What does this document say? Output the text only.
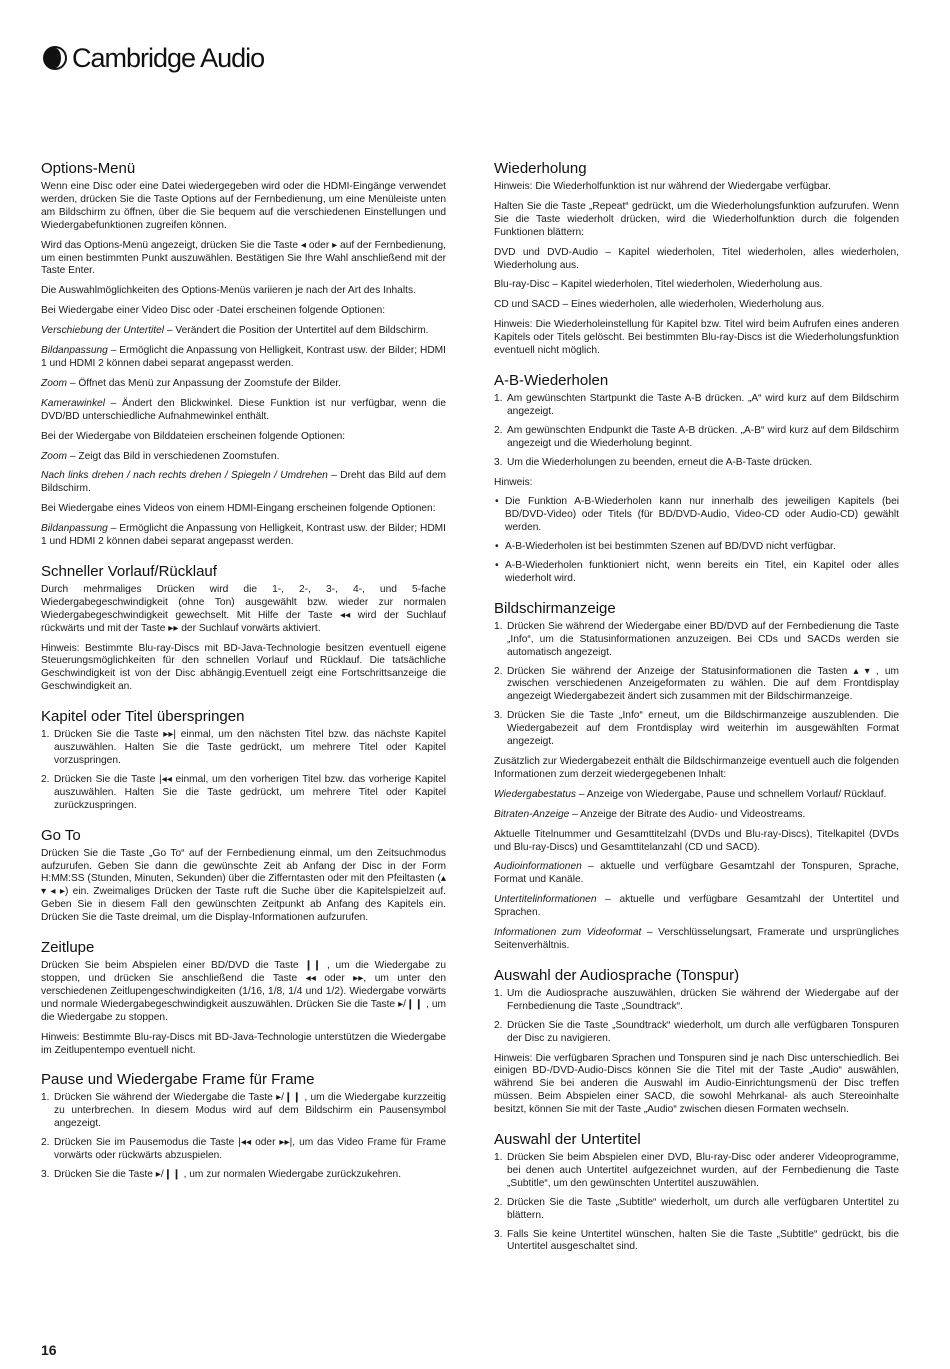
Cambridge Audio
Options-Menü

Wenn eine Disc oder eine Datei wiedergegeben wird oder die HDMI-Eingänge verwendet werden, drücken Sie die Taste Options auf der Fernbedienung, um eine Menüleiste unten am Bildschirm zu öffnen, über die Sie bequem auf die verschiedenen Einstellungen und Wiedergabefunktionen zugreifen können.

Wird das Options-Menü angezeigt, drücken Sie die Taste ◂ oder ▸ auf der Fernbedienung, um einen bestimmten Punkt auszuwählen. Bestätigen Sie Ihre Wahl anschließend mit der Taste Enter.

Die Auswahlmöglichkeiten des Options-Menüs variieren je nach der Art des Inhalts.

Bei Wiedergabe einer Video Disc oder -Datei erscheinen folgende Optionen:

Verschiebung der Untertitel – Verändert die Position der Untertitel auf dem Bildschirm.

Bildanpassung – Ermöglicht die Anpassung von Helligkeit, Kontrast usw. der Bilder; HDMI 1 und HDMI 2 können dabei separat angepasst werden.

Zoom – Öffnet das Menü zur Anpassung der Zoomstufe der Bilder.

Kamerawinkel – Ändert den Blickwinkel. Diese Funktion ist nur verfügbar, wenn die DVD/BD unterschiedliche Aufnahmewinkel enthält.

Bei der Wiedergabe von Bilddateien erscheinen folgende Optionen:

Zoom – Zeigt das Bild in verschiedenen Zoomstufen.

Nach links drehen / nach rechts drehen / Spiegeln / Umdrehen – Dreht das Bild auf dem Bildschirm.

Bei Wiedergabe eines Videos von einem HDMI-Eingang erscheinen folgende Optionen:

Bildanpassung – Ermöglicht die Anpassung von Helligkeit, Kontrast usw. der Bilder; HDMI 1 und HDMI 2 können dabei separat angepasst werden.

Schneller Vorlauf/Rücklauf

Durch mehrmaliges Drücken wird die 1-, 2-, 3-, 4-, und 5-fache Wiedergabegeschwindigkeit (ohne Ton) ausgewählt bzw. wieder zur normalen Wiedergabegeschwindigkeit gewechselt. Mit Hilfe der Taste ◂◂ wird der Suchlauf rückwärts und mit der Taste ▸▸ der Suchlauf vorwärts aktiviert.

Hinweis: Bestimmte Blu-ray-Discs mit BD-Java-Technologie besitzen eventuell eigene Steuerungsmöglichkeiten für den schnellen Vorlauf und Rücklauf. Die tatsächliche Geschwindigkeit ist von der Disc abhängig.Eventuell zeigt eine Fortschrittsanzeige die Geschwindigkeit an.

Kapitel oder Titel überspringen
1. Drücken Sie die Taste ▸▸| einmal, um den nächsten Titel bzw. das nächste Kapitel auszuwählen. Halten Sie die Taste gedrückt, um mehrere Titel oder Kapitel vorzuspringen.
2. Drücken Sie die Taste |◂◂ einmal, um den vorherigen Titel bzw. das vorherige Kapitel auszuwählen. Halten Sie die Taste gedrückt, um mehrere Titel oder Kapitel zurückzuspringen.
Go To

Drücken Sie die Taste „Go To“ auf der Fernbedienung einmal, um den Zeitsuchmodus aufzurufen. Geben Sie dann die gewünschte Zeit ab Anfang der Disc in der Form H:MM:SS (Stunden, Minuten, Sekunden) über die Zifferntasten oder mit den Pfeiltasten (▴ ▾ ◂ ▸) ein. Zweimaliges Drücken der Taste ruft die Suche über die Kapitelspielzeit auf. Geben Sie in diesem Fall den gewünschten Zeitpunkt ab Anfang des Kapitels ein. Drücken Sie die Taste dreimal, um die Display-Informationen aufzurufen.

Zeitlupe

Drücken Sie beim Abspielen einer BD/DVD die Taste ❙❙ , um die Wiedergabe zu stoppen, und drücken Sie anschließend die Taste ◂◂ oder ▸▸, um unter den verschiedenen Zeitlupengeschwindigkeiten (1/16, 1/8, 1/4 und 1/2). Wiedergabe vorwärts und normale Wiedergabegeschwindigkeit auszuwählen. Drücken Sie die Taste ▸/❙❙ , um die Wiedergabe zu stoppen.

Hinweis: Bestimmte Blu-ray-Discs mit BD-Java-Technologie unterstützen die Wiedergabe im Zeitlupentempo eventuell nicht.

Pause und Wiedergabe Frame für Frame
1. Drücken Sie während der Wiedergabe die Taste ▸/❙❙ , um die Wiedergabe kurzzeitig zu unterbrechen. In diesem Modus wird auf dem Bildschirm ein Pausensymbol angezeigt.
2. Drücken Sie im Pausemodus die Taste |◂◂ oder ▸▸|, um das Video Frame für Frame vorwärts oder rückwärts abzuspielen.
3. Drücken Sie die Taste ▸/❙❙ , um zur normalen Wiedergabe zurückzukehren.
Wiederholung

Hinweis: Die Wiederholfunktion ist nur während der Wiedergabe verfügbar.

Halten Sie die Taste „Repeat“ gedrückt, um die Wiederholungsfunktion aufzurufen. Wenn Sie die Taste wiederholt drücken, wird die Wiederholfunktion durch die folgenden Funktionen blättern:

DVD und DVD-Audio – Kapitel wiederholen, Titel wiederholen, alles wiederholen, Wiederholung aus.

Blu-ray-Disc – Kapitel wiederholen, Titel wiederholen, Wiederholung aus.

CD und SACD – Eines wiederholen, alle wiederholen, Wiederholung aus.

Hinweis: Die Wiederholeinstellung für Kapitel bzw. Titel wird beim Aufrufen eines anderen Kapitels oder Titels gelöscht. Bei bestimmten Blu-ray-Discs ist die Wiederholungsfunktion eventuell nicht möglich.

A-B-Wiederholen
1. Am gewünschten Startpunkt die Taste A-B drücken. „A“ wird kurz auf dem Bildschirm angezeigt.
2. Am gewünschten Endpunkt die Taste A-B drücken. „A-B“ wird kurz auf dem Bildschirm angezeigt und die Wiederholung beginnt.
3. Um die Wiederholungen zu beenden, erneut die A-B-Taste drücken.

Hinweis:

• Die Funktion A-B-Wiederholen kann nur innerhalb des jeweiligen Kapitels (bei BD/DVD-Video) oder Titels (für BD/DVD-Audio, Video-CD oder Audio-CD) gewählt werden.
• A-B-Wiederholen ist bei bestimmten Szenen auf BD/DVD nicht verfügbar.
• A-B-Wiederholen funktioniert nicht, wenn bereits ein Titel, ein Kapitel oder alles wiederholt wird.
Bildschirmanzeige
1. Drücken Sie während der Wiedergabe einer BD/DVD auf der Fernbedienung die Taste „Info“, um die Statusinformationen anzuzeigen. Bei CDs und SACDs werden sie automatisch angezeigt.
2. Drücken Sie während der Anzeige der Statusinformationen die Tasten ▴ ▾ , um zwischen verschiedenen Anzeigeformaten zu wählen. Die auf dem Frontdisplay angezeigt Wiedergabezeit ändert sich zusammen mit der Bildschirmanzeige.
3. Drücken Sie die Taste „Info“ erneut, um die Bildschirmanzeige auszublenden. Die Wiedergabezeit auf dem Frontdisplay wird weiterhin im ausgewählten Format angezeigt.

Zusätzlich zur Wiedergabezeit enthält die Bildschirmanzeige eventuell auch die folgenden Informationen zum derzeit wiedergegebenen Inhalt:

Wiedergabestatus – Anzeige von Wiedergabe, Pause und schnellem Vorlauf/ Rücklauf.

Bitraten-Anzeige – Anzeige der Bitrate des Audio- und Videostreams.

Aktuelle Titelnummer und Gesamttitelzahl (DVDs und Blu-ray-Discs), Titelkapitel (DVDs und Blu-ray-Discs) und Gesamttitelanzahl (CD und SACD).

Audioinformationen – aktuelle und verfügbare Gesamtzahl der Tonspuren, Sprache, Format und Kanäle.

Untertitelinformationen – aktuelle und verfügbare Gesamtzahl der Untertitel und Sprachen.

Informationen zum Videoformat – Verschlüsselungsart, Framerate und ursprüngliches Seitenverhältnis.

Auswahl der Audiosprache (Tonspur)
1. Um die Audiosprache auszuwählen, drücken Sie während der Wiedergabe auf der Fernbedienung die Taste „Soundtrack“.
2. Drücken Sie die Taste „Soundtrack“ wiederholt, um durch alle verfügbaren Tonspuren der Disc zu navigieren.

Hinweis: Die verfügbaren Sprachen und Tonspuren sind je nach Disc unterschiedlich. Bei einigen BD-/DVD-Audio-Discs können Sie die Titel mit der Taste „Audio“ auswählen, während Sie bei anderen die Auswahl im Audio-Einrichtungsmenü der Disc treffen müssen. Beim Abspielen einer SACD, die sowohl Mehrkanal- als auch Stereoinhalte besitzt, können Sie mit der Taste „Audio“ zwischen diesen Formaten wechseln.

Auswahl der Untertitel
1. Drücken Sie beim Abspielen einer DVD, Blu-ray-Disc oder anderer Videoprogramme, bei denen auch Untertitel aufgezeichnet wurden, auf der Fernbedienung die Taste „Subtitle“, um den gewünschten Untertitel auszuwählen.
2. Drücken Sie die Taste „Subtitle“ wiederholt, um durch alle verfügbaren Untertitel zu blättern.
3. Falls Sie keine Untertitel wünschen, halten Sie die Taste „Subtitle“ gedrückt, bis die Untertitel ausgeschaltet sind.
16
